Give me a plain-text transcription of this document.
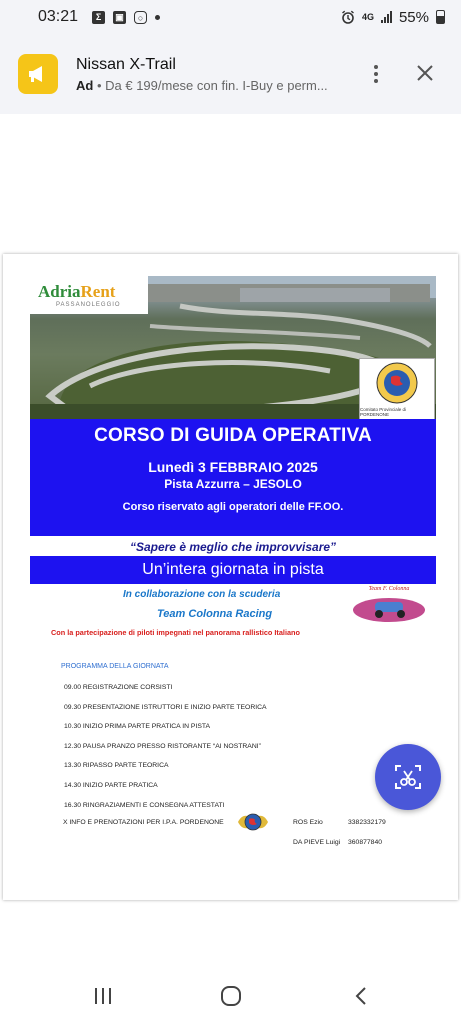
03:21	Σ	▣	○	4G 55%
Nissan X-Trail
Ad • Da € 199/mese con fin. I-Buy e perm...
AdriaRent
PASSANOLEGGIO
Comitato Provinciale di PORDENONE
CORSO DI GUIDA OPERATIVA
Lunedì 3 FEBBRAIO 2025
Pista Azzurra – JESOLO
Corso riservato agli operatori delle FF.OO.
“Sapere è meglio che improvvisare”
Un’intera giornata in pista
In collaborazione con la scuderia
Team Colonna Racing
Team F. Colonna
Con la partecipazione di piloti impegnati nel panorama rallistico Italiano
PROGRAMMA DELLA GIORNATA
09.00 REGISTRAZIONE CORSISTI
09.30 PRESENTAZIONE ISTRUTTORI E INIZIO PARTE TEORICA
10.30 INIZIO PRIMA PARTE PRATICA IN PISTA
12.30 PAUSA PRANZO PRESSO RISTORANTE “AI NOSTRANI”
13.30 RIPASSO PARTE TEORICA
14.30 INIZIO PARTE PRATICA
16.30 RINGRAZIAMENTI E CONSEGNA ATTESTATI
X INFO E PRENOTAZIONI PER I.P.A. PORDENONE	ROS Ezio	3382332179
DA PIEVE Luigi 360877840
